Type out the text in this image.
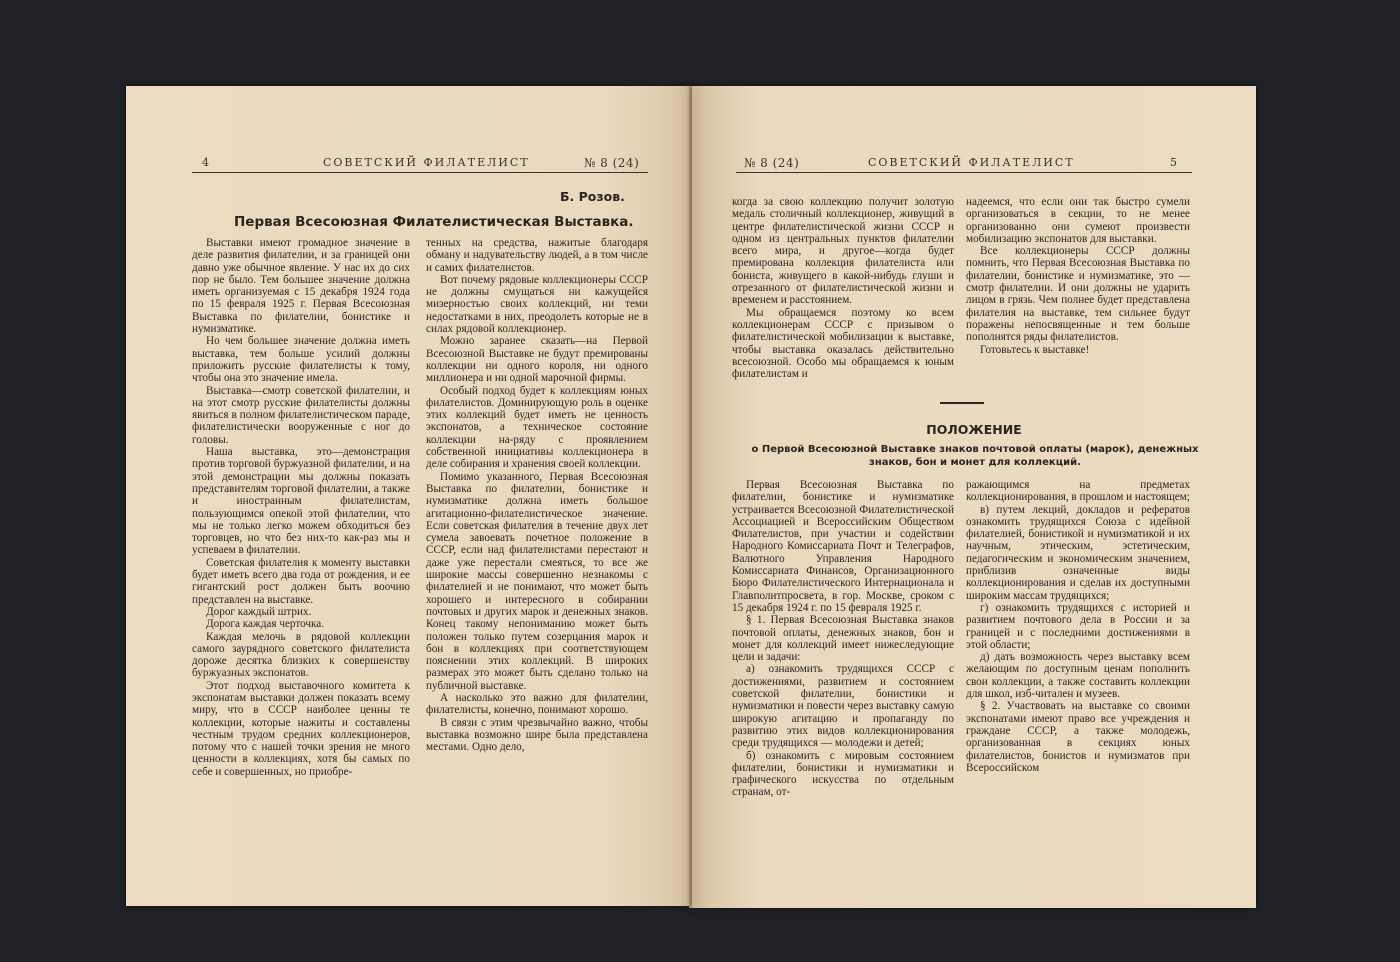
4	СОВЕТСКИЙ ФИЛАТЕЛИСТ	№ 8 (24)
Б. Розов.
Первая Всесоюзная Филателистическая Выставка.

Выставки имеют громадное значение в деле развития филателии, и за границей они давно уже обычное явление. У нас их до сих пор не было. Тем большее значение должна иметь организуемая с 15 декабря 1924 года по 15 февраля 1925 г. Первая Всесоюзная Выставка по филателии, бонистике и нумизматике.

Но чем большее значение должна иметь выставка, тем больше усилий должны приложить русские филателисты к тому, чтобы она это значение имела.

Выставка—смотр советской филателии, и на этот смотр русские филателисты должны явиться в полном филателистическом параде, филателистически вооруженные с ног до головы.

Наша выставка, это—демонстрация против торговой буржуазной филателии, и на этой демонстрации мы должны показать представителям торговой филателии, а также и иностранным филателистам, пользующимся опекой этой филателии, что мы не только легко можем обходиться без торговцев, но что без них-то как-раз мы и успеваем в филателии.

Советская филателия к моменту выставки будет иметь всего два года от рождения, и ее гигантский рост должен быть воочию представлен на выставке.

Дорог каждый штрих.

Дорога каждая черточка.

Каждая мелочь в рядовой коллекции самого заурядного советского филателиста дороже десятка близких к совершенству буржуазных экспонатов.

Этот подход выставочного комитета к экспонатам выставки должен показать всему миру, что в СССР наиболее ценны те коллекции, которые нажиты и составлены честным трудом средних коллекционеров, потому что с нашей точки зрения не много ценности в коллекциях, хотя бы самых по себе и совершенных, но приобре-

тенных на средства, нажитые благодаря обману и надувательству людей, а в том числе и самих филателистов.

Вот почему рядовые коллекционеры СССР не должны смущаться ни кажущейся мизерностью своих коллекций, ни теми недостатками в них, преодолеть которые не в силах рядовой коллекционер.

Можно заранее сказать—на Первой Всесоюзной Выставке не будут премированы коллекции ни одного короля, ни одного миллионера и ни одной марочной фирмы.

Особый подход будет к коллекциям юных филателистов. Доминирующую роль в оценке этих коллекций будет иметь не ценность экспонатов, а техническое состояние коллекции на-ряду с проявлением собственной инициативы коллекционера в деле собирания и хранения своей коллекции.

Помимо указанного, Первая Всесоюзная Выставка по филателии, бонистике и нумизматике должна иметь большое агитационно-филателистическое значение. Если советская филателия в течение двух лет сумела завоевать почетное положение в СССР, если над филателистами перестают и даже уже перестали смеяться, то все же широкие массы совершенно незнакомы с филателией и не понимают, что может быть хорошего и интересного в собирании почтовых и других марок и денежных знаков. Конец такому непониманию может быть положен только путем созерцания марок и бон в коллекциях при соответствующем пояснении этих коллекций. В широких размерах это может быть сделано только на публичной выставке.

А насколько это важно для филателии, филателисты, конечно, понимают хорошо.

В связи с этим чрезвычайно важно, чтобы выставка возможно шире была представлена местами. Одно дело,

№ 8 (24)	СОВЕТСКИЙ ФИЛАТЕЛИСТ	5

когда за свою коллекцию получит золотую медаль столичный коллекционер, живущий в центре филателистической жизни СССР и одном из центральных пунктов филателии всего мира, и другое—когда будет премирована коллекция филателиста или бониста, живущего в какой-нибудь глуши и отрезанного от филателистической жизни и временем и расстоянием.

Мы обращаемся поэтому ко всем коллекционерам СССР с призывом о филателистической мобилизации к выставке, чтобы выставка оказалась действительно всесоюзной. Особо мы обращаемся к юным филателистам и

надеемся, что если они так быстро сумели организоваться в секции, то не менее организованно они сумеют произвести мобилизацию экспонатов для выставки.

Все коллекционеры СССР должны помнить, что Первая Всесоюзная Выставка по филателии, бонистике и нумизматике, это — смотр филателии. И они должны не ударить лицом в грязь. Чем полнее будет представлена филателия на выставке, тем сильнее будут поражены непосвященные и тем больше пополнятся ряды филателистов.

Готовьтесь к выставке!

ПОЛОЖЕНИЕ
о Первой Всесоюзной Выставке знаков почтовой оплаты (марок), денежных знаков, бон и монет для коллекций.

Первая Всесоюзная Выставка по филателии, бонистике и нумизматике устраивается Всесоюзной Филателистической Ассоциацией и Всероссийским Обществом Филателистов, при участии и содействии Народного Комиссариата Почт и Телеграфов, Валютного Управления Народного Комиссариата Финансов, Организационного Бюро Филателистического Интернационала и Главполитпросвета, в гор. Москве, сроком с 15 декабря 1924 г. по 15 февраля 1925 г.

§ 1. Первая Всесоюзная Выставка знаков почтовой оплаты, денежных знаков, бон и монет для коллекций имеет нижеследующие цели и задачи:

а) ознакомить трудящихся СССР с достижениями, развитием и состоянием советской филателии, бонистики и нумизматики и повести через выставку самую широкую агитацию и пропаганду по развитию этих видов коллекционирования среди трудящихся — молодежи и детей;

б) ознакомить с мировым состоянием филателии, бонистики и нумизматики и графического искусства по отдельным странам, от-

ражающимся на предметах коллекционирования, в прошлом и настоящем;

в) путем лекций, докладов и рефератов ознакомить трудящихся Союза с идейной филателией, бонистикой и нумизматикой и их научным, этическим, эстетическим, педагогическим и экономическим значением, приблизив означенные виды коллекционирования и сделав их доступными широким массам трудящихся;

г) ознакомить трудящихся с историей и развитием почтового дела в России и за границей и с последними достижениями в этой области;

д) дать возможность через выставку всем желающим по доступным ценам пополнить свои коллекции, а также составить коллекции для школ, изб-читален и музеев.

§ 2. Участвовать на выставке со своими экспонатами имеют право все учреждения и граждане СССР, а также молодежь, организованная в секциях юных филателистов, бонистов и нумизматов при Всероссийском
